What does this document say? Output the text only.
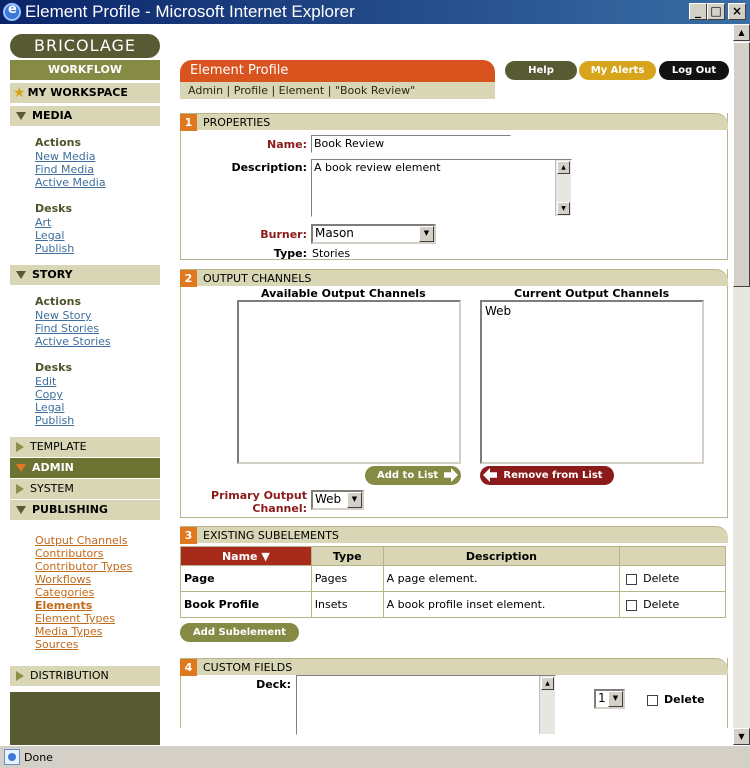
e
Element Profile - Microsoft Internet Explorer	_ □ ×
BRICOLAGE
WORKFLOW
★ MY WORKSPACE
MEDIA
Actions
New Media
Find Media
Active Media
Desks
Art
Legal
Publish
STORY
Actions
New Story
Find Stories
Active Stories
Desks
Edit
Copy
Legal
Publish
TEMPLATE
ADMIN
SYSTEM
PUBLISHING
Output Channels
Contributors
Contributor Types
Workflows
Categories
Elements
Element Types
Media Types
Sources
DISTRIBUTION
Element Profile	Help	My Alerts	Log Out
Admin | Profile | Element | "Book Review"
1 PROPERTIES
Name: Book Review
Description: A book review element	▲
▼
Burner: Mason	▼
Type: Stories
2 OUTPUT CHANNELS
Available Output Channels	Current Output Channels
Web
Add to List	Remove from List
Primary Output
Channel:
Web	▼
3 EXISTING SUBELEMENTS
Name ▼	Type	Description	
Page	Pages	A page element.	Delete
Book Profile	Insets	A book profile inset element.	Delete
Add Subelement
4 CUSTOM FIELDS
Deck:	▲
1	▼	Delete
▲
▼
Done
